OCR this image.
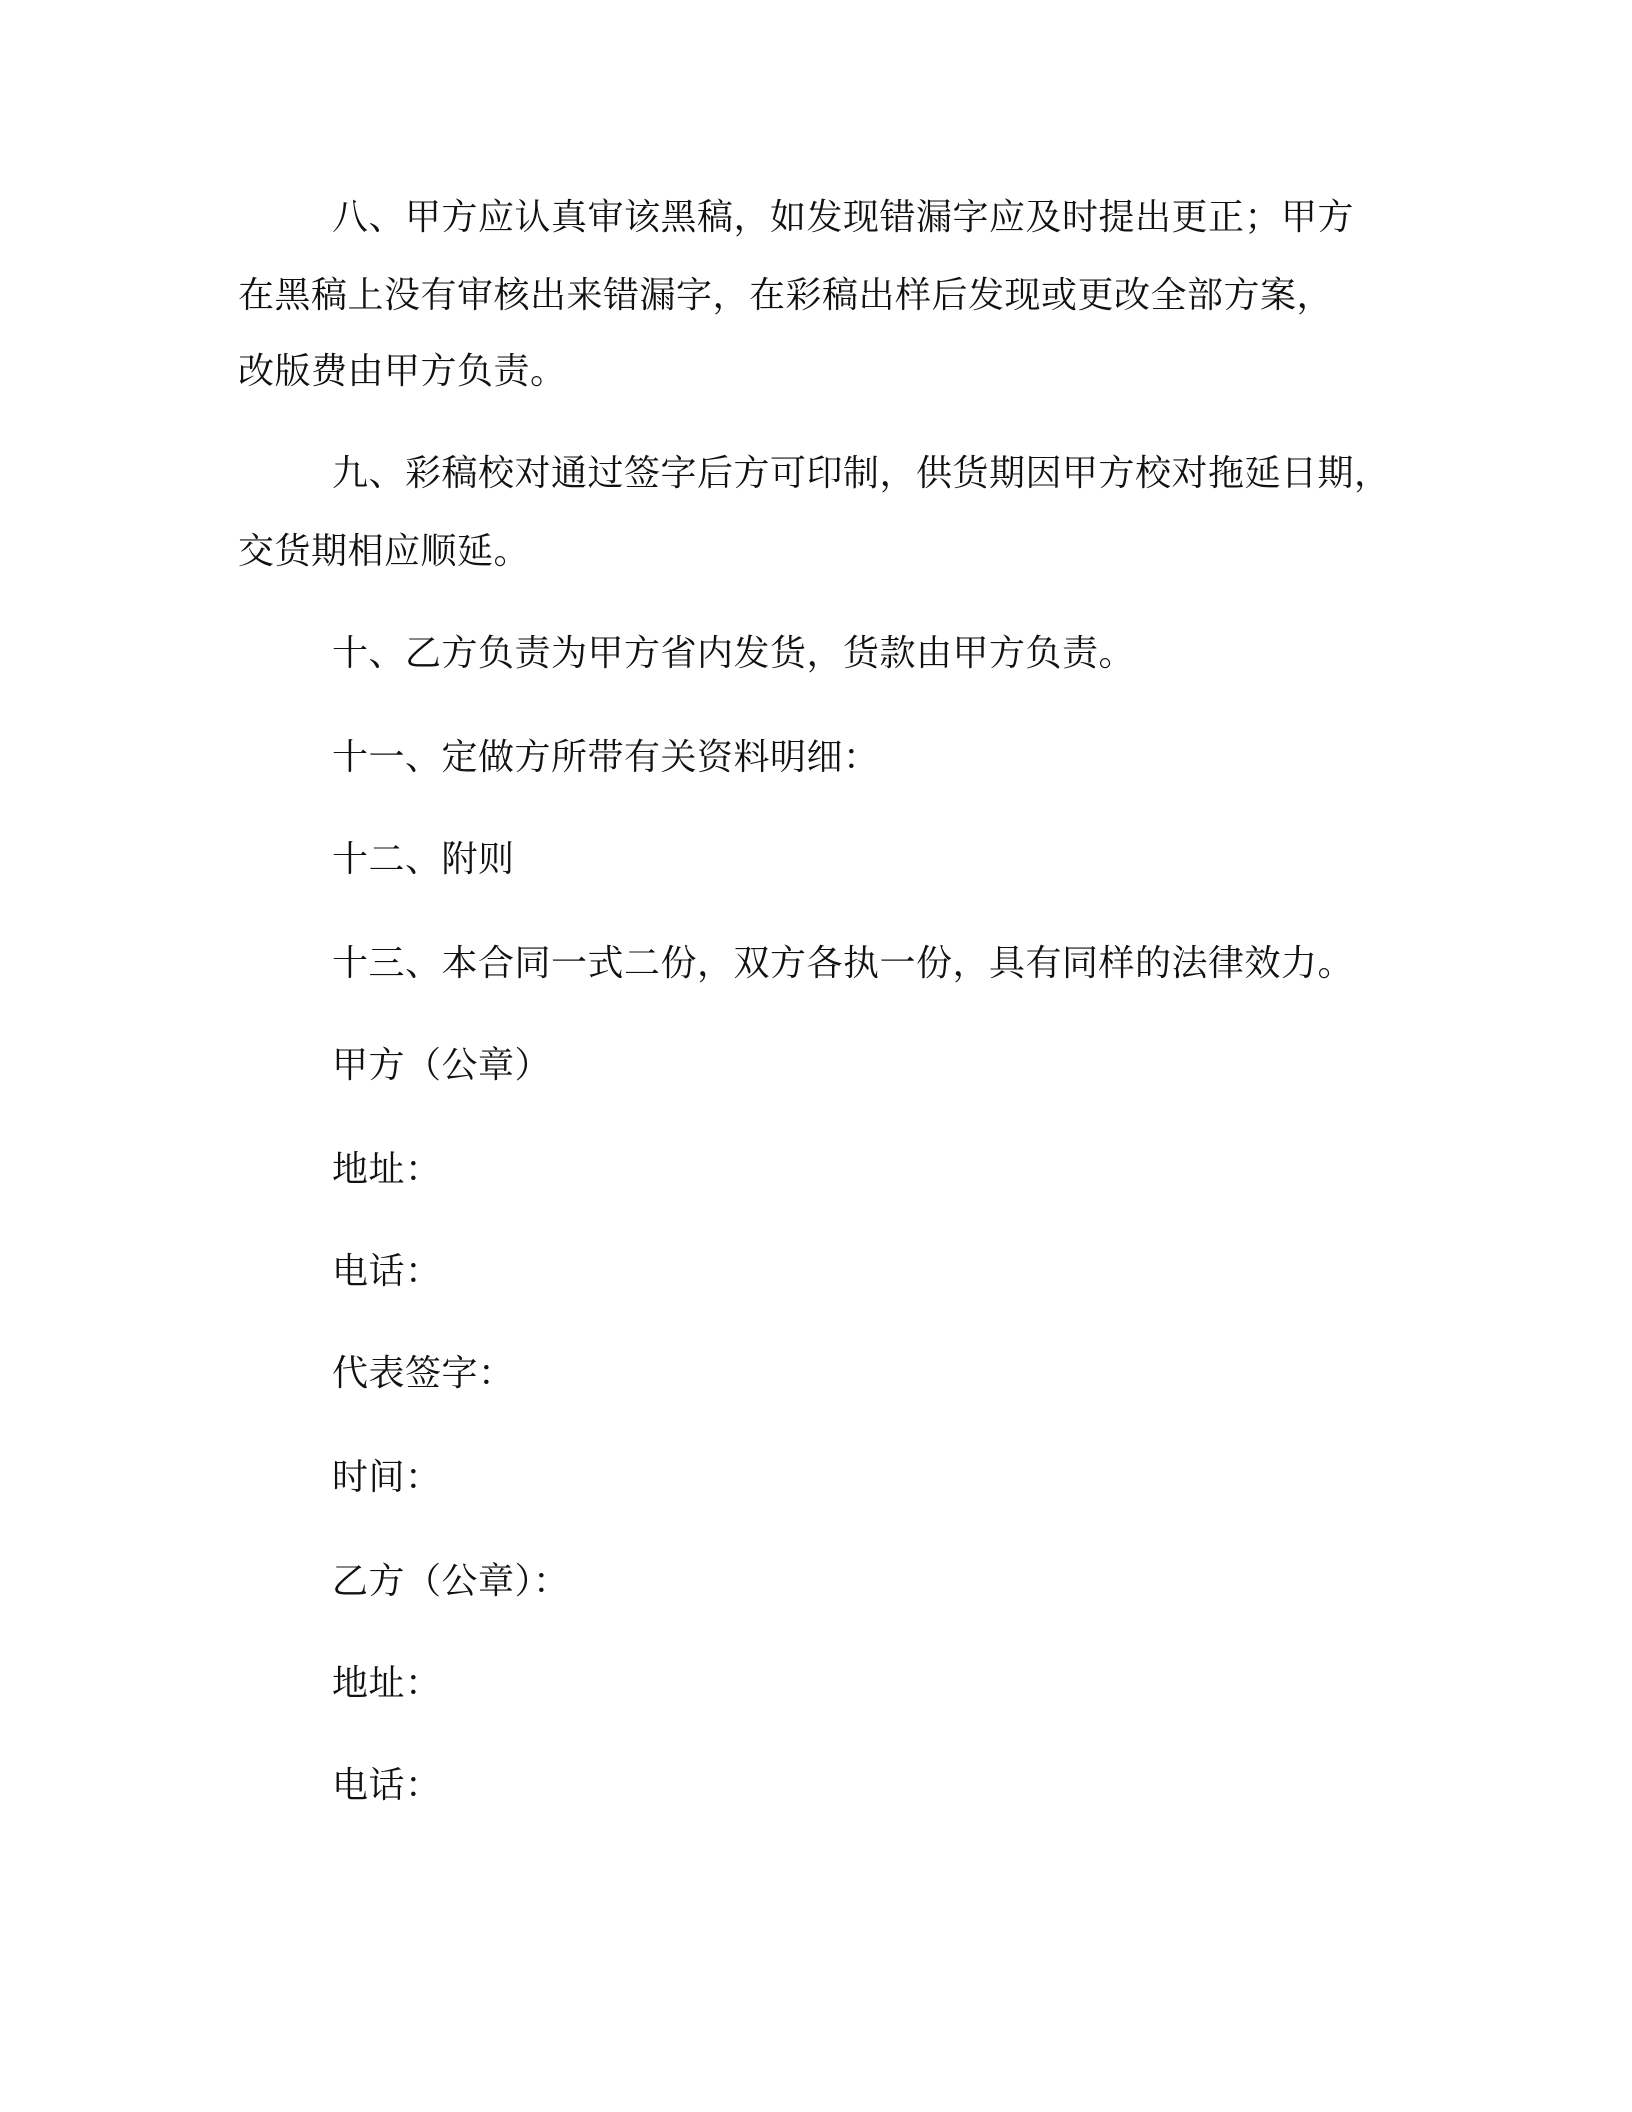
八、甲方应认真审该黑稿，如发现错漏字应及时提出更正；甲方
在黑稿上没有审核出来错漏字，在彩稿出样后发现或更改全部方案，
改版费由甲方负责。
九、彩稿校对通过签字后方可印制，供货期因甲方校对拖延日期，
交货期相应顺延。
十、乙方负责为甲方省内发货，货款由甲方负责。
十一、定做方所带有关资料明细：
十二、附则
十三、本合同一式二份，双方各执一份，具有同样的法律效力。
甲方（公章）
地址：
电话：
代表签字：
时间：
乙方（公章）：
地址：
电话：
